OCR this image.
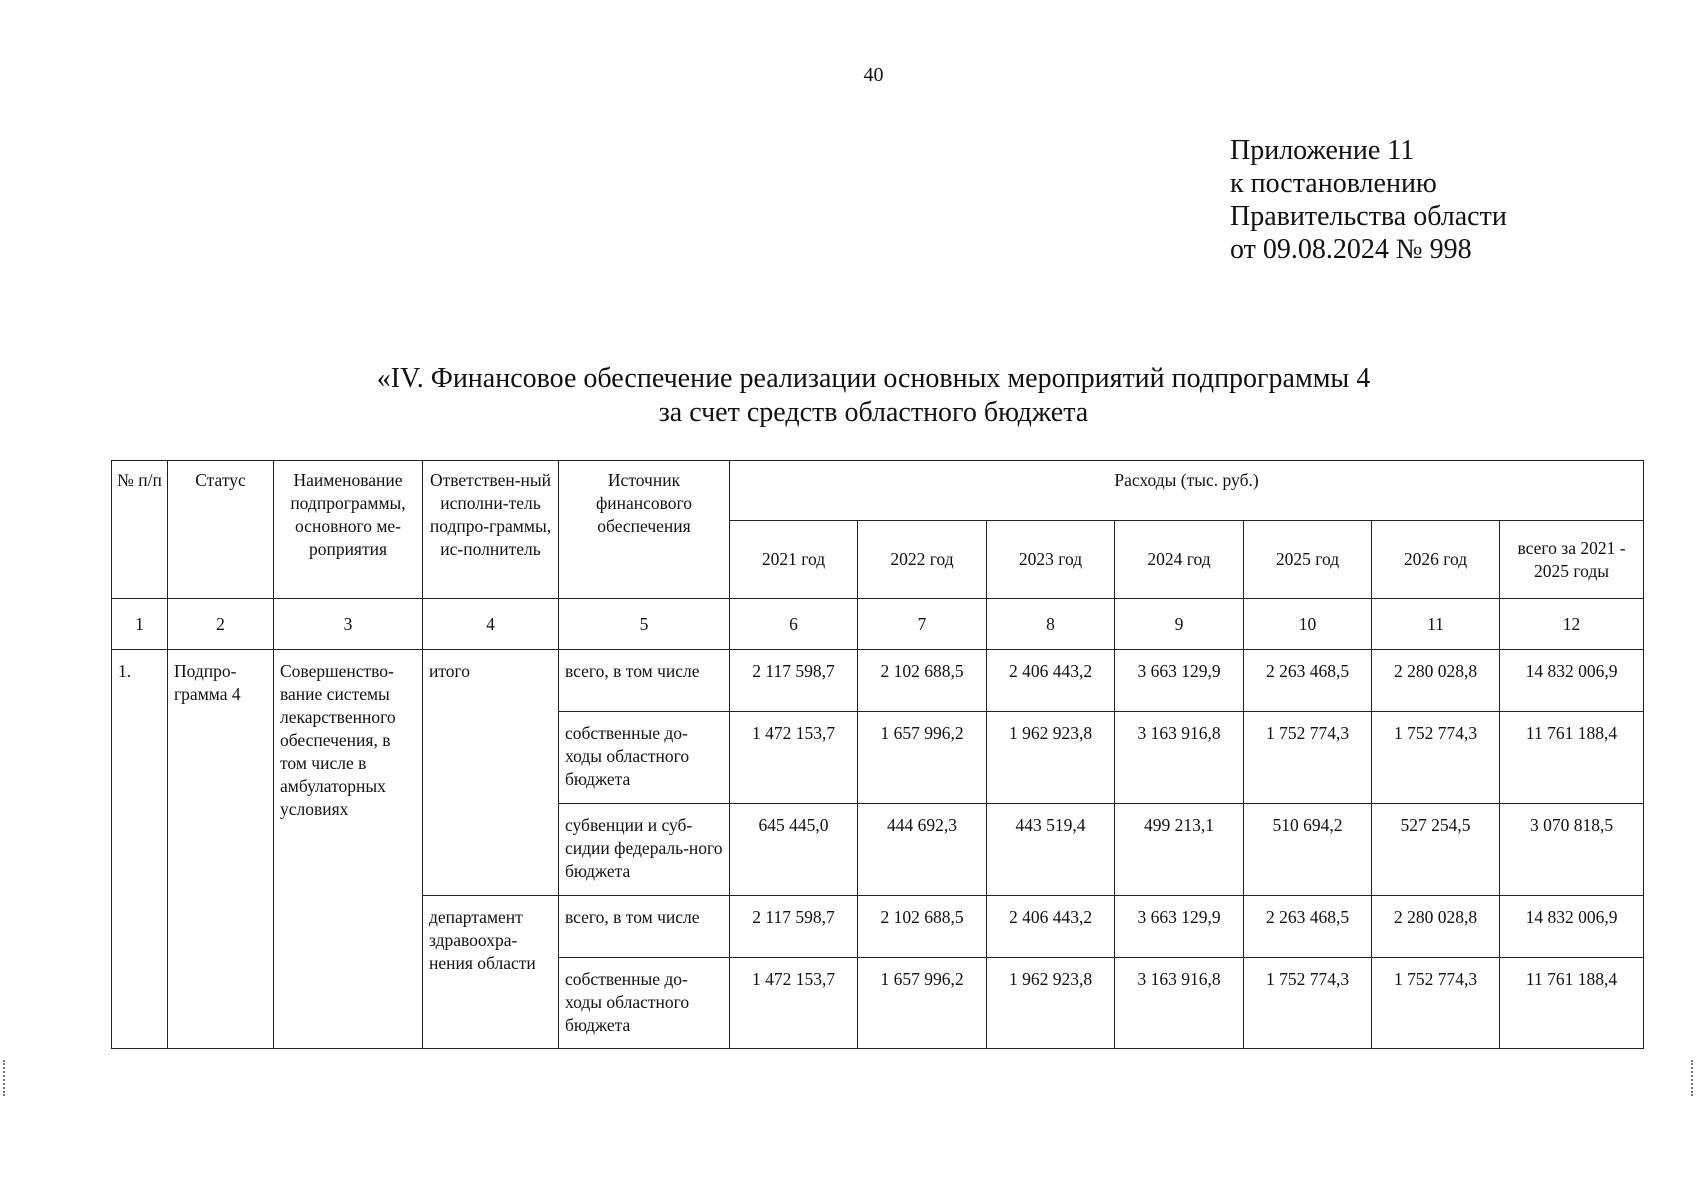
40
Приложение 11
к постановлению
Правительства области
от 09.08.2024 № 998
«IV. Финансовое обеспечение реализации основных мероприятий подпрограммы 4
за счет средств областного бюджета
№ п/п	Статус	Наименование подпрограммы, основного ме-роприятия	Ответствен-ный исполни-тель подпро-граммы, ис-полнитель	Источник финансового обеспечения	Расходы (тыс. руб.)						
					2021 год	2022 год	2023 год	2024 год	2025 год	2026 год	всего за 2021 - 2025 годы
1	2	3	4	5	6	7	8	9	10	11	12
1.	Подпро-грамма 4	Совершенство-вание системы лекарственного обеспечения, в том числе в амбулаторных условиях	итого	всего, в том числе	2 117 598,7	2 102 688,5	2 406 443,2	3 663 129,9	2 263 468,5	2 280 028,8	14 832 006,9
				собственные до-ходы областного бюджета	1 472 153,7	1 657 996,2	1 962 923,8	3 163 916,8	1 752 774,3	1 752 774,3	11 761 188,4
				субвенции и суб-сидии федераль-ного бюджета	645 445,0	444 692,3	443 519,4	499 213,1	510 694,2	527 254,5	3 070 818,5
			департамент здравоохра-нения области	всего, в том числе	2 117 598,7	2 102 688,5	2 406 443,2	3 663 129,9	2 263 468,5	2 280 028,8	14 832 006,9
				собственные до-ходы областного бюджета	1 472 153,7	1 657 996,2	1 962 923,8	3 163 916,8	1 752 774,3	1 752 774,3	11 761 188,4
